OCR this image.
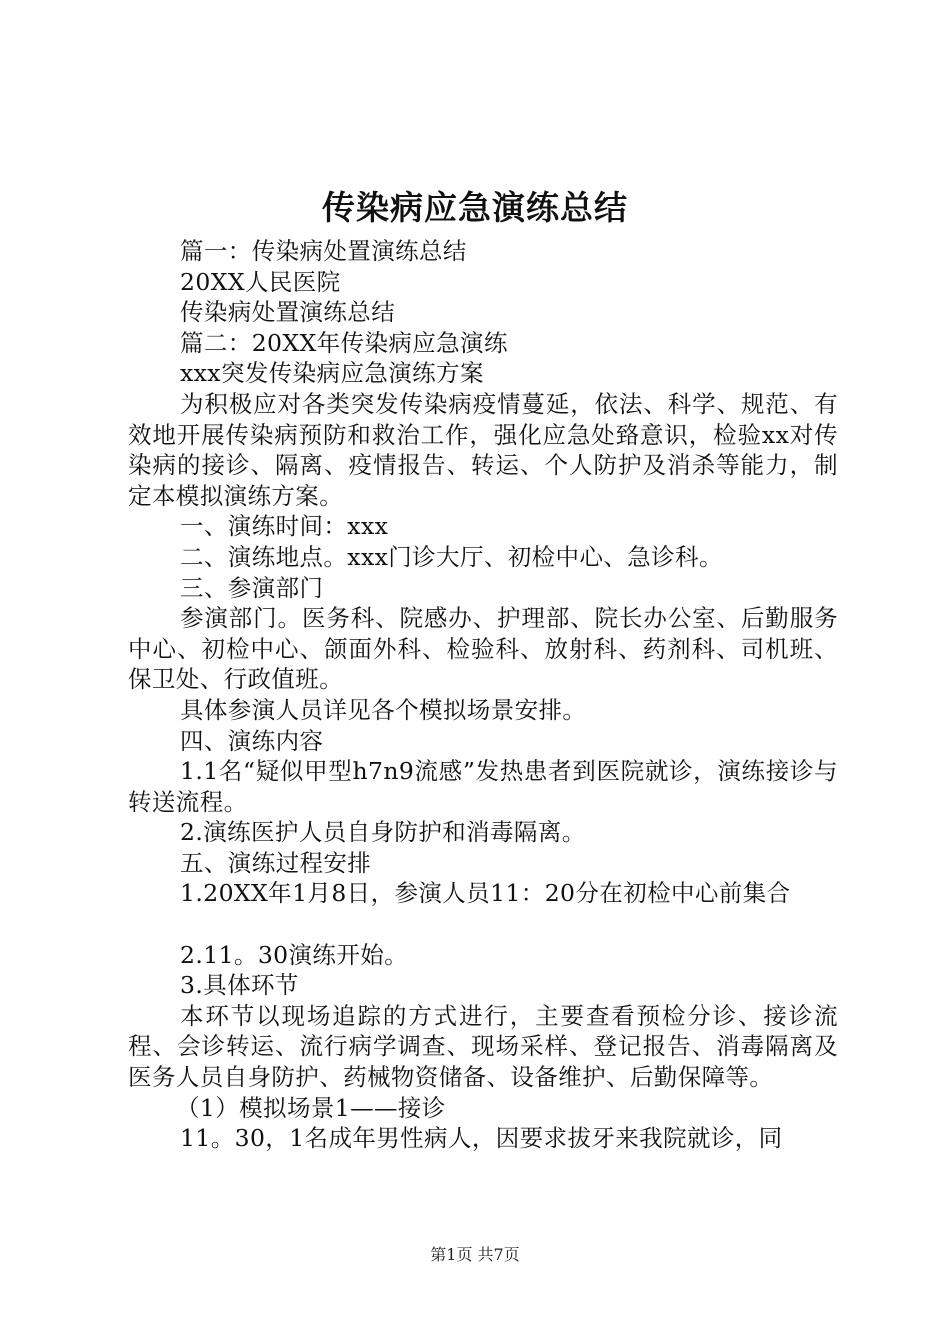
传染病应急演练总结

篇一：传染病处置演练总结

20XX人民医院

传染病处置演练总结

篇二：20XX年传染病应急演练

xxx突发传染病应急演练方案

为积极应对各类突发传染病疫情蔓延，依法、科学、规范、有效地开展传染病预防和救治工作，强化应急处臵意识，检验xx对传染病的接诊、隔离、疫情报告、转运、个人防护及消杀等能力，制定本模拟演练方案。

一、演练时间：xxx

二、演练地点。xxx门诊大厅、初检中心、急诊科。

三、参演部门

参演部门。医务科、院感办、护理部、院长办公室、后勤服务中心、初检中心、颌面外科、检验科、放射科、药剂科、司机班、保卫处、行政值班。

具体参演人员详见各个模拟场景安排。

四、演练内容

1.1名“疑似甲型h7n9流感”发热患者到医院就诊，演练接诊与转送流程。

2.演练医护人员自身防护和消毒隔离。

五、演练过程安排

1.20XX年1月8日，参演人员11：20分在初检中心前集合

2.11。30演练开始。

3.具体环节

本环节以现场追踪的方式进行，主要查看预检分诊、接诊流程、会诊转运、流行病学调查、现场采样、登记报告、消毒隔离及医务人员自身防护、药械物资储备、设备维护、后勤保障等。

（1）模拟场景1——接诊

11。30，1名成年男性病人，因要求拔牙来我院就诊，同

第1页 共7页
